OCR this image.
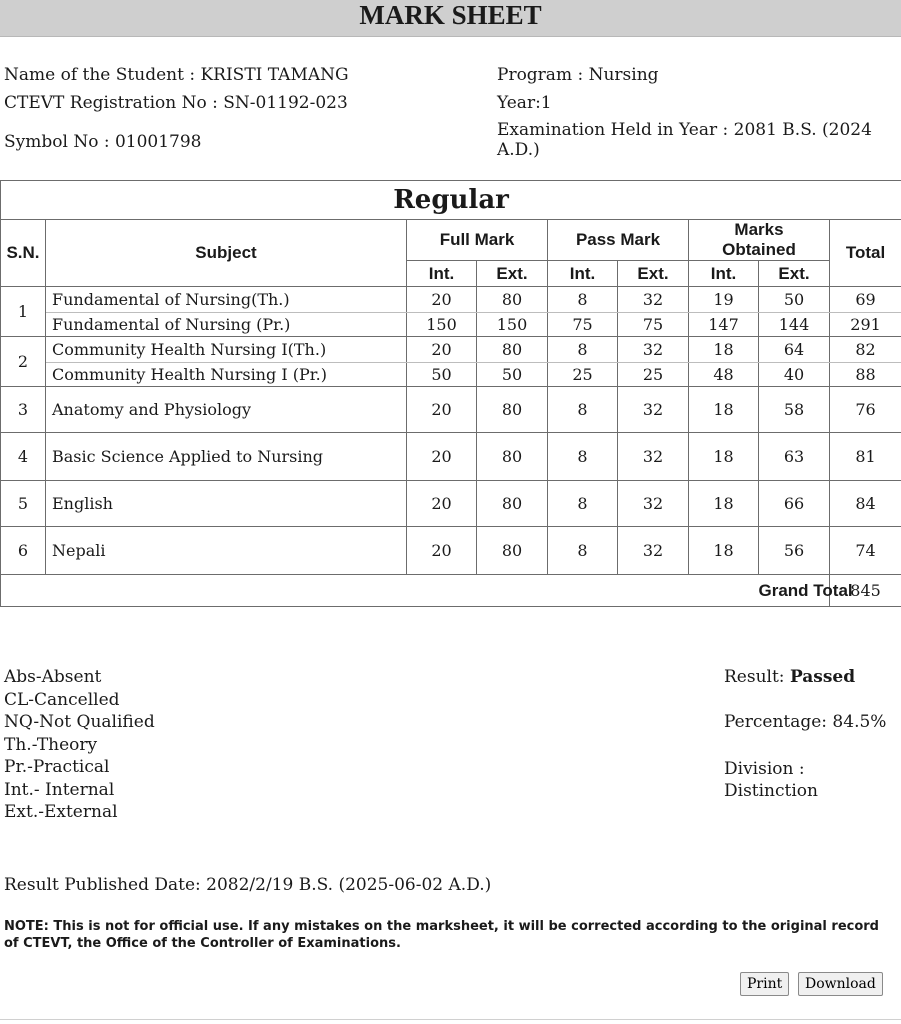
MARK SHEET
Name of the Student : KRISTI TAMANG
CTEVT Registration No : SN-01192-023
Symbol No : 01001798
Program : Nursing
Year:1
Examination Held in Year : 2081 B.S. (2024 A.D.)
Regular								
S.N.	Subject	Full Mark		Pass Mark		Marks Obtained		Total
		Int.	Ext.	Int.	Ext.	Int.	Ext.	
1	Fundamental of Nursing(Th.)	20	80	8	32	19	50	69
	Fundamental of Nursing (Pr.)	150	150	75	75	147	144	291
2	Community Health Nursing I(Th.)	20	80	8	32	18	64	82
	Community Health Nursing I (Pr.)	50	50	25	25	48	40	88
3	Anatomy and Physiology	20	80	8	32	18	58	76
4	Basic Science Applied to Nursing	20	80	8	32	18	63	81
5	English	20	80	8	32	18	66	84
6	Nepali	20	80	8	32	18	56	74
							Grand Total	845
Abs-Absent
CL-Cancelled
NQ-Not Qualified
Th.-Theory
Pr.-Practical
Int.- Internal
Ext.-External
Result: Passed
Percentage: 84.5%
Division :
Distinction
Result Published Date: 2082/2/19 B.S. (2025-06-02 A.D.)
NOTE: This is not for official use. If any mistakes on the marksheet, it will be corrected according to the original record of CTEVT, the Office of the Controller of Examinations.
Print	Download
